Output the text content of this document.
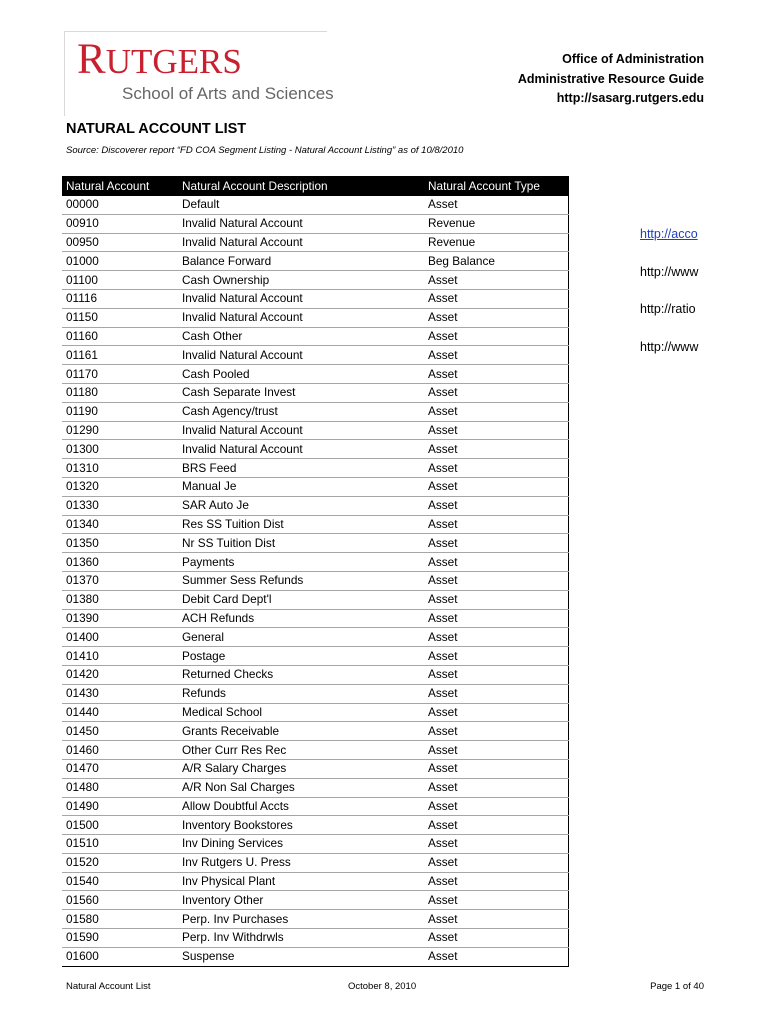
RUTGERS
School of Arts and Sciences
Office of Administration
Administrative Resource Guide
http://sasarg.rutgers.edu
NATURAL ACCOUNT LIST
Source: Discoverer report “FD COA Segment Listing - Natural Account Listing” as of 10/8/2010
Natural Account	Natural Account Description	Natural Account Type
00000	Default	Asset
00910	Invalid Natural Account	Revenue
00950	Invalid Natural Account	Revenue
01000	Balance Forward	Beg Balance
01100	Cash Ownership	Asset
01116	Invalid Natural Account	Asset
01150	Invalid Natural Account	Asset
01160	Cash Other	Asset
01161	Invalid Natural Account	Asset
01170	Cash Pooled	Asset
01180	Cash Separate Invest	Asset
01190	Cash Agency/trust	Asset
01290	Invalid Natural Account	Asset
01300	Invalid Natural Account	Asset
01310	BRS Feed	Asset
01320	Manual Je	Asset
01330	SAR Auto Je	Asset
01340	Res SS Tuition Dist	Asset
01350	Nr SS Tuition Dist	Asset
01360	Payments	Asset
01370	Summer Sess Refunds	Asset
01380	Debit Card Dept'l	Asset
01390	ACH Refunds	Asset
01400	General	Asset
01410	Postage	Asset
01420	Returned Checks	Asset
01430	Refunds	Asset
01440	Medical School	Asset
01450	Grants Receivable	Asset
01460	Other Curr Res Rec	Asset
01470	A/R Salary Charges	Asset
01480	A/R Non Sal Charges	Asset
01490	Allow Doubtful Accts	Asset
01500	Inventory Bookstores	Asset
01510	Inv Dining Services	Asset
01520	Inv Rutgers U. Press	Asset
01540	Inv Physical Plant	Asset
01560	Inventory Other	Asset
01580	Perp. Inv Purchases	Asset
01590	Perp. Inv Withdrwls	Asset
01600	Suspense	Asset
http://acco
http://www
http://ratio
http://www
Natural Account List	October 8, 2010	Page 1 of 40
